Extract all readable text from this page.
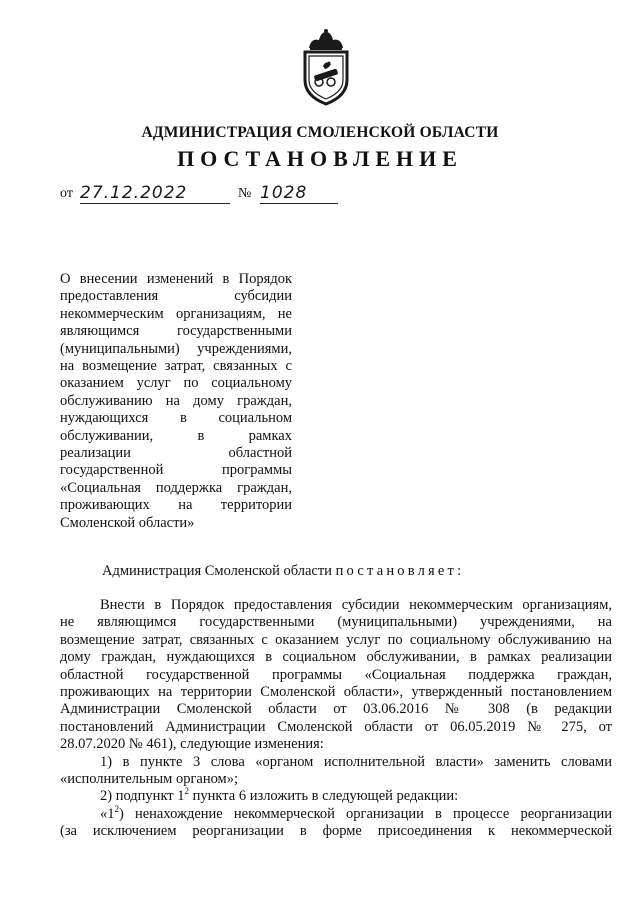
АДМИНИСТРАЦИЯ СМОЛЕНСКОЙ ОБЛАСТИ
ПОСТАНОВЛЕНИЕ
от 27.12.2022	№ 1028
О внесении изменений в Порядок
предоставления субсидии
некоммерческим организациям, не
являющимся государственными
(муниципальными) учреждениями,
на возмещение затрат, связанных с
оказанием услуг по социальному
обслуживанию на дому граждан,
нуждающихся в социальном
обслуживании, в рамках
реализации областной
государственной программы
«Социальная поддержка граждан,
проживающих на территории
Смоленской области»

Администрация Смоленской области постановляет:

Внести в Порядок предоставления субсидии некоммерческим организациям,
не являющимся государственными (муниципальными) учреждениями, на
возмещение затрат, связанных с оказанием услуг по социальному обслуживанию на
дому граждан, нуждающихся в социальном обслуживании, в рамках реализации
областной государственной программы «Социальная поддержка граждан,
проживающих на территории Смоленской области», утвержденный постановлением
Администрации Смоленской области от 03.06.2016 № 308 (в редакции
постановлений Администрации Смоленской области от 06.05.2019 № 275, от
28.07.2020 № 461), следующие изменения:
1) в пункте 3 слова «органом исполнительной власти» заменить словами
«исполнительным органом»;
2) подпункт $1^2$ пункта 6 изложить в следующей редакции:
«$1^2$) ненахождение некоммерческой организации в процессе реорганизации
(за исключением реорганизации в форме присоединения к некоммерческой
